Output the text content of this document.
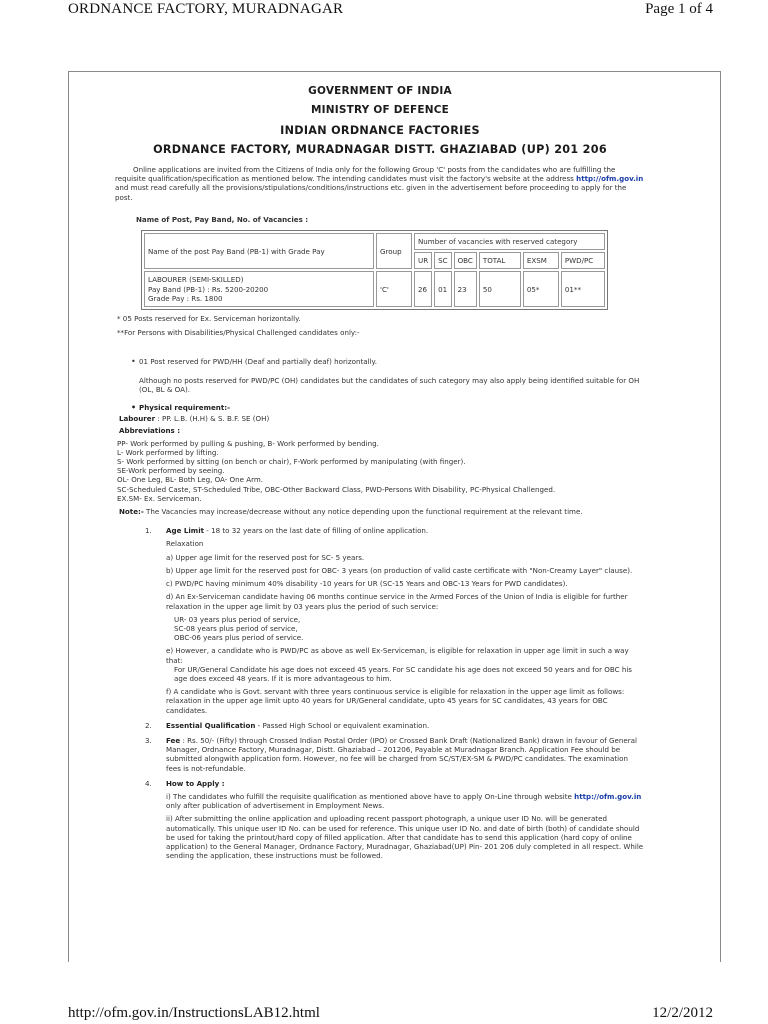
ORDNANCE FACTORY, MURADNAGAR	Page 1 of 4
GOVERNMENT OF INDIA
MINISTRY OF DEFENCE
INDIAN ORDNANCE FACTORIES
ORDNANCE FACTORY, MURADNAGAR DISTT. GHAZIABAD (UP) 201 206

Online applications are invited from the Citizens of India only for the following Group 'C' posts from the candidates who are fulfilling the requisite qualification/specification as mentioned below. The intending candidates must visit the factory's website at the address http://ofm.gov.in and must read carefully all the provisions/stipulations/conditions/instructions etc. given in the advertisement before proceeding to apply for the post.

Name of Post, Pay Band, No. of Vacancies :
Name of the post Pay Band (PB-1) with Grade Pay	Group	Number of vacancies with reserved category					
		UR	SC	OBC	TOTAL	EXSM	PWD/PC

LABOURER (SEMI-SKILLED)
Pay Band (PB-1) : Rs. 5200-20200
Grade Pay : Rs. 1800	'C'	26	01	23	50	05*	01**

* 05 Posts reserved for Ex. Serviceman horizontally.

**For Persons with Disabilities/Physical Challenged candidates only:-

• 01 Post reserved for PWD/HH (Deaf and partially deaf) horizontally.

Although no posts reserved for PWD/PC (OH) candidates but the candidates of such category may also apply being identified suitable for OH (OL, BL & OA).

• Physical requirement:-

Labourer : PP. L.B. (H.H) & S. B.F. SE (OH)

Abbreviations :

PP- Work performed by pulling & pushing, B- Work performed by bending.
L- Work performed by lifting.
S- Work performed by sitting (on bench or chair), F-Work performed by manipulating (with finger).
SE-Work performed by seeing.
OL- One Leg, BL- Both Leg, OA- One Arm.
SC-Scheduled Caste, ST-Scheduled Tribe, OBC-Other Backward Class, PWD-Persons With Disability, PC-Physical Challenged.
EX.SM- Ex. Serviceman.

Note:- The Vacancies may increase/decrease without any notice depending upon the functional requirement at the relevant time.

1. Age Limit - 18 to 32 years on the last date of filling of online application.
Relaxation
a) Upper age limit for the reserved post for SC- 5 years.
b) Upper age limit for the reserved post for OBC- 3 years (on production of valid caste certificate with "Non-Creamy Layer" clause).
c) PWD/PC having minimum 40% disability -10 years for UR (SC-15 Years and OBC-13 Years for PWD candidates).
d) An Ex-Serviceman candidate having 06 months continue service in the Armed Forces of the Union of India is eligible for further relaxation in the upper age limit by 03 years plus the period of such service:
UR- 03 years plus period of service,
SC-08 years plus period of service,
OBC-06 years plus period of service.
e) However, a candidate who is PWD/PC as above as well Ex-Serviceman, is eligible for relaxation in upper age limit in such a way that:
For UR/General Candidate his age does not exceed 45 years. For SC candidate his age does not exceed 50 years and for OBC his age does exceed 48 years. If it is more advantageous to him.
f) A candidate who is Govt. servant with three years continuous service is eligible for relaxation in the upper age limit as follows: relaxation in the upper age limit upto 40 years for UR/General candidate, upto 45 years for SC candidates, 43 years for OBC candidates.
2. Essential Qualification - Passed High School or equivalent examination.
3. Fee : Rs. 50/- (Fifty) through Crossed Indian Postal Order (IPO) or Crossed Bank Draft (Nationalized Bank) drawn in favour of General Manager, Ordnance Factory, Muradnagar, Distt. Ghaziabad – 201206, Payable at Muradnagar Branch. Application Fee should be submitted alongwith application form. However, no fee will be charged from SC/ST/EX-SM & PWD/PC candidates. The examination fees is not-refundable.
4. How to Apply :
i) The candidates who fulfill the requisite qualification as mentioned above have to apply On-Line through website http://ofm.gov.in only after publication of advertisement in Employment News.
ii) After submitting the online application and uploading recent passport photograph, a unique user ID No. will be generated automatically. This unique user ID No. can be used for reference. This unique user ID No. and date of birth (both) of candidate should be used for taking the printout/hard copy of filled application. After that candidate has to send this application (hard copy of online application) to the General Manager, Ordnance Factory, Muradnagar, Ghaziabad(UP) Pin- 201 206 duly completed in all respect. While sending the application, these instructions must be followed.
http://ofm.gov.in/InstructionsLAB12.html	12/2/2012
